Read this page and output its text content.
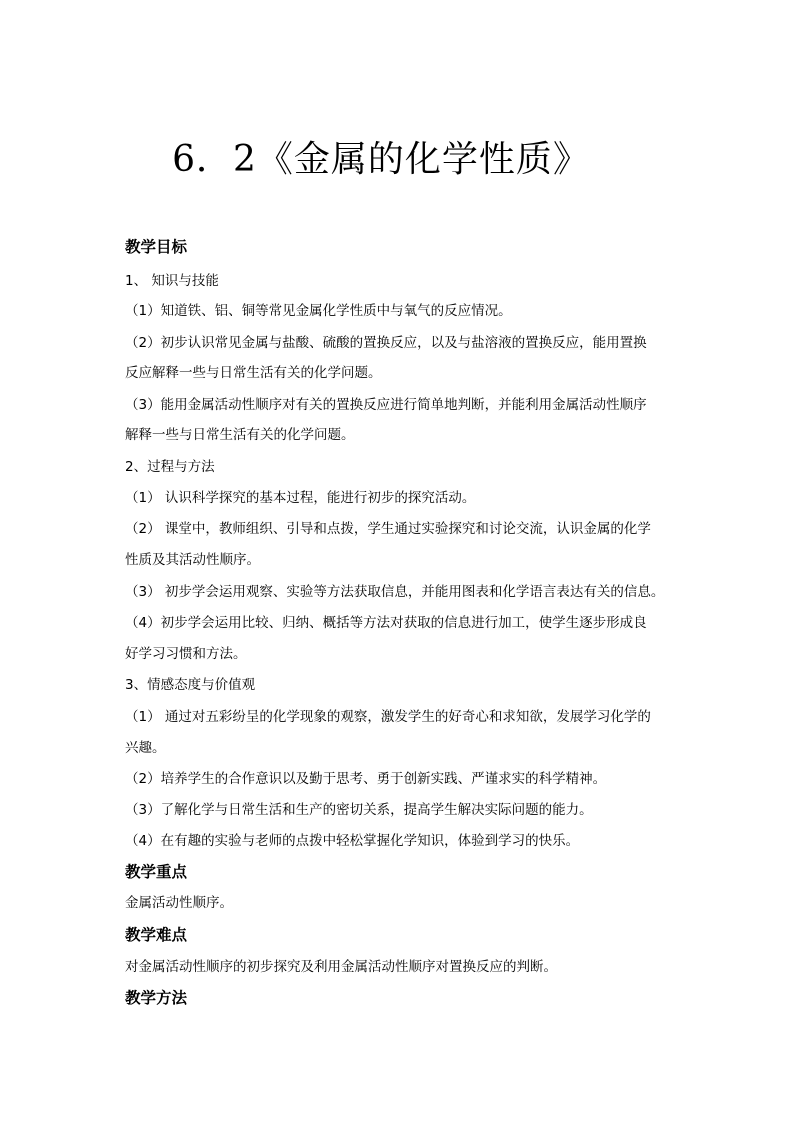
6．2《金属的化学性质》
教学目标
1、 知识与技能
（1）知道铁、铝、铜等常见金属化学性质中与氧气的反应情况。
（2）初步认识常见金属与盐酸、硫酸的置换反应，以及与盐溶液的置换反应，能用置换
反应解释一些与日常生活有关的化学问题。
（3）能用金属活动性顺序对有关的置换反应进行简单地判断，并能利用金属活动性顺序
解释一些与日常生活有关的化学问题。
2、过程与方法
（1） 认识科学探究的基本过程，能进行初步的探究活动。
（2） 课堂中，教师组织、引导和点拨，学生通过实验探究和讨论交流，认识金属的化学
性质及其活动性顺序。
（3） 初步学会运用观察、实验等方法获取信息，并能用图表和化学语言表达有关的信息。
（4）初步学会运用比较、归纳、概括等方法对获取的信息进行加工，使学生逐步形成良
好学习习惯和方法。
3、情感态度与价值观
（1） 通过对五彩纷呈的化学现象的观察，激发学生的好奇心和求知欲，发展学习化学的
兴趣。
（2）培养学生的合作意识以及勤于思考、勇于创新实践、严谨求实的科学精神。
（3）了解化学与日常生活和生产的密切关系，提高学生解决实际问题的能力。
（4）在有趣的实验与老师的点拨中轻松掌握化学知识，体验到学习的快乐。
教学重点
金属活动性顺序。
教学难点
对金属活动性顺序的初步探究及利用金属活动性顺序对置换反应的判断。
教学方法
